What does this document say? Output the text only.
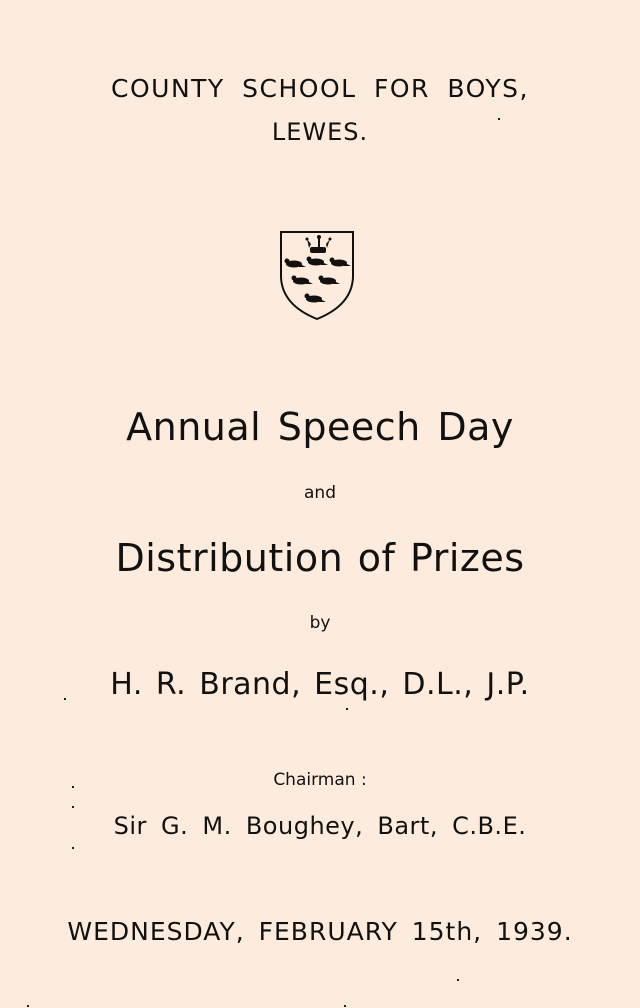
COUNTY SCHOOL FOR BOYS,
LEWES.
Annual Speech Day
and
Distribution of Prizes
by
H. R. Brand, Esq., D.L., J.P.
Chairman :
Sir G. M. Boughey, Bart, C.B.E.
WEDNESDAY, FEBRUARY 15th, 1939.
